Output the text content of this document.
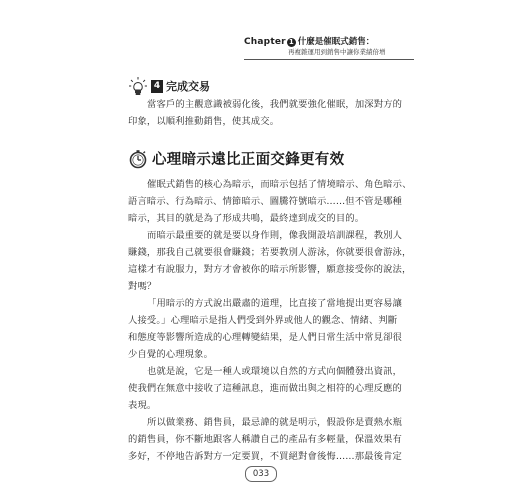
Chapter 1 什麼是催眠式銷售：
再複雜運用到銷售中讓你業績倍增
4 完成交易
當客戶的主觀意識被弱化後，我們就要強化催眠，加深對方的
印象，以順利推動銷售，使其成交。
心理暗示遠比正面交鋒更有效
催眠式銷售的核心為暗示，而暗示包括了情境暗示、角色暗示、
語言暗示、行為暗示、情節暗示、圖騰符號暗示……但不管是哪種
暗示，其目的就是為了形成共鳴，最終達到成交的目的。
而暗示最重要的就是要以身作則，像我開設培訓課程，教別人
賺錢，那我自己就要很會賺錢；若要教別人游泳，你就要很會游泳，
這樣才有說服力，對方才會被你的暗示所影響，願意接受你的說法，
對嗎？
「用暗示的方式說出嚴肅的道理，比直接了當地提出更容易讓
人接受。」心理暗示是指人們受到外界或他人的觀念、情緒、判斷
和態度等影響所造成的心理轉變結果，是人們日常生活中常見卻很
少自覺的心理現象。
也就是說，它是一種人或環境以自然的方式向個體發出資訊，
使我們在無意中接收了這種訊息，進而做出與之相符的心理反應的
表現。
所以做業務、銷售員，最忌諱的就是明示，假設你是賣熱水瓶
的銷售員，你不斷地跟客人稱讚自己的產品有多輕量，保溫效果有
多好，不停地告訴對方一定要買，不買絕對會後悔……那最後肯定
033
